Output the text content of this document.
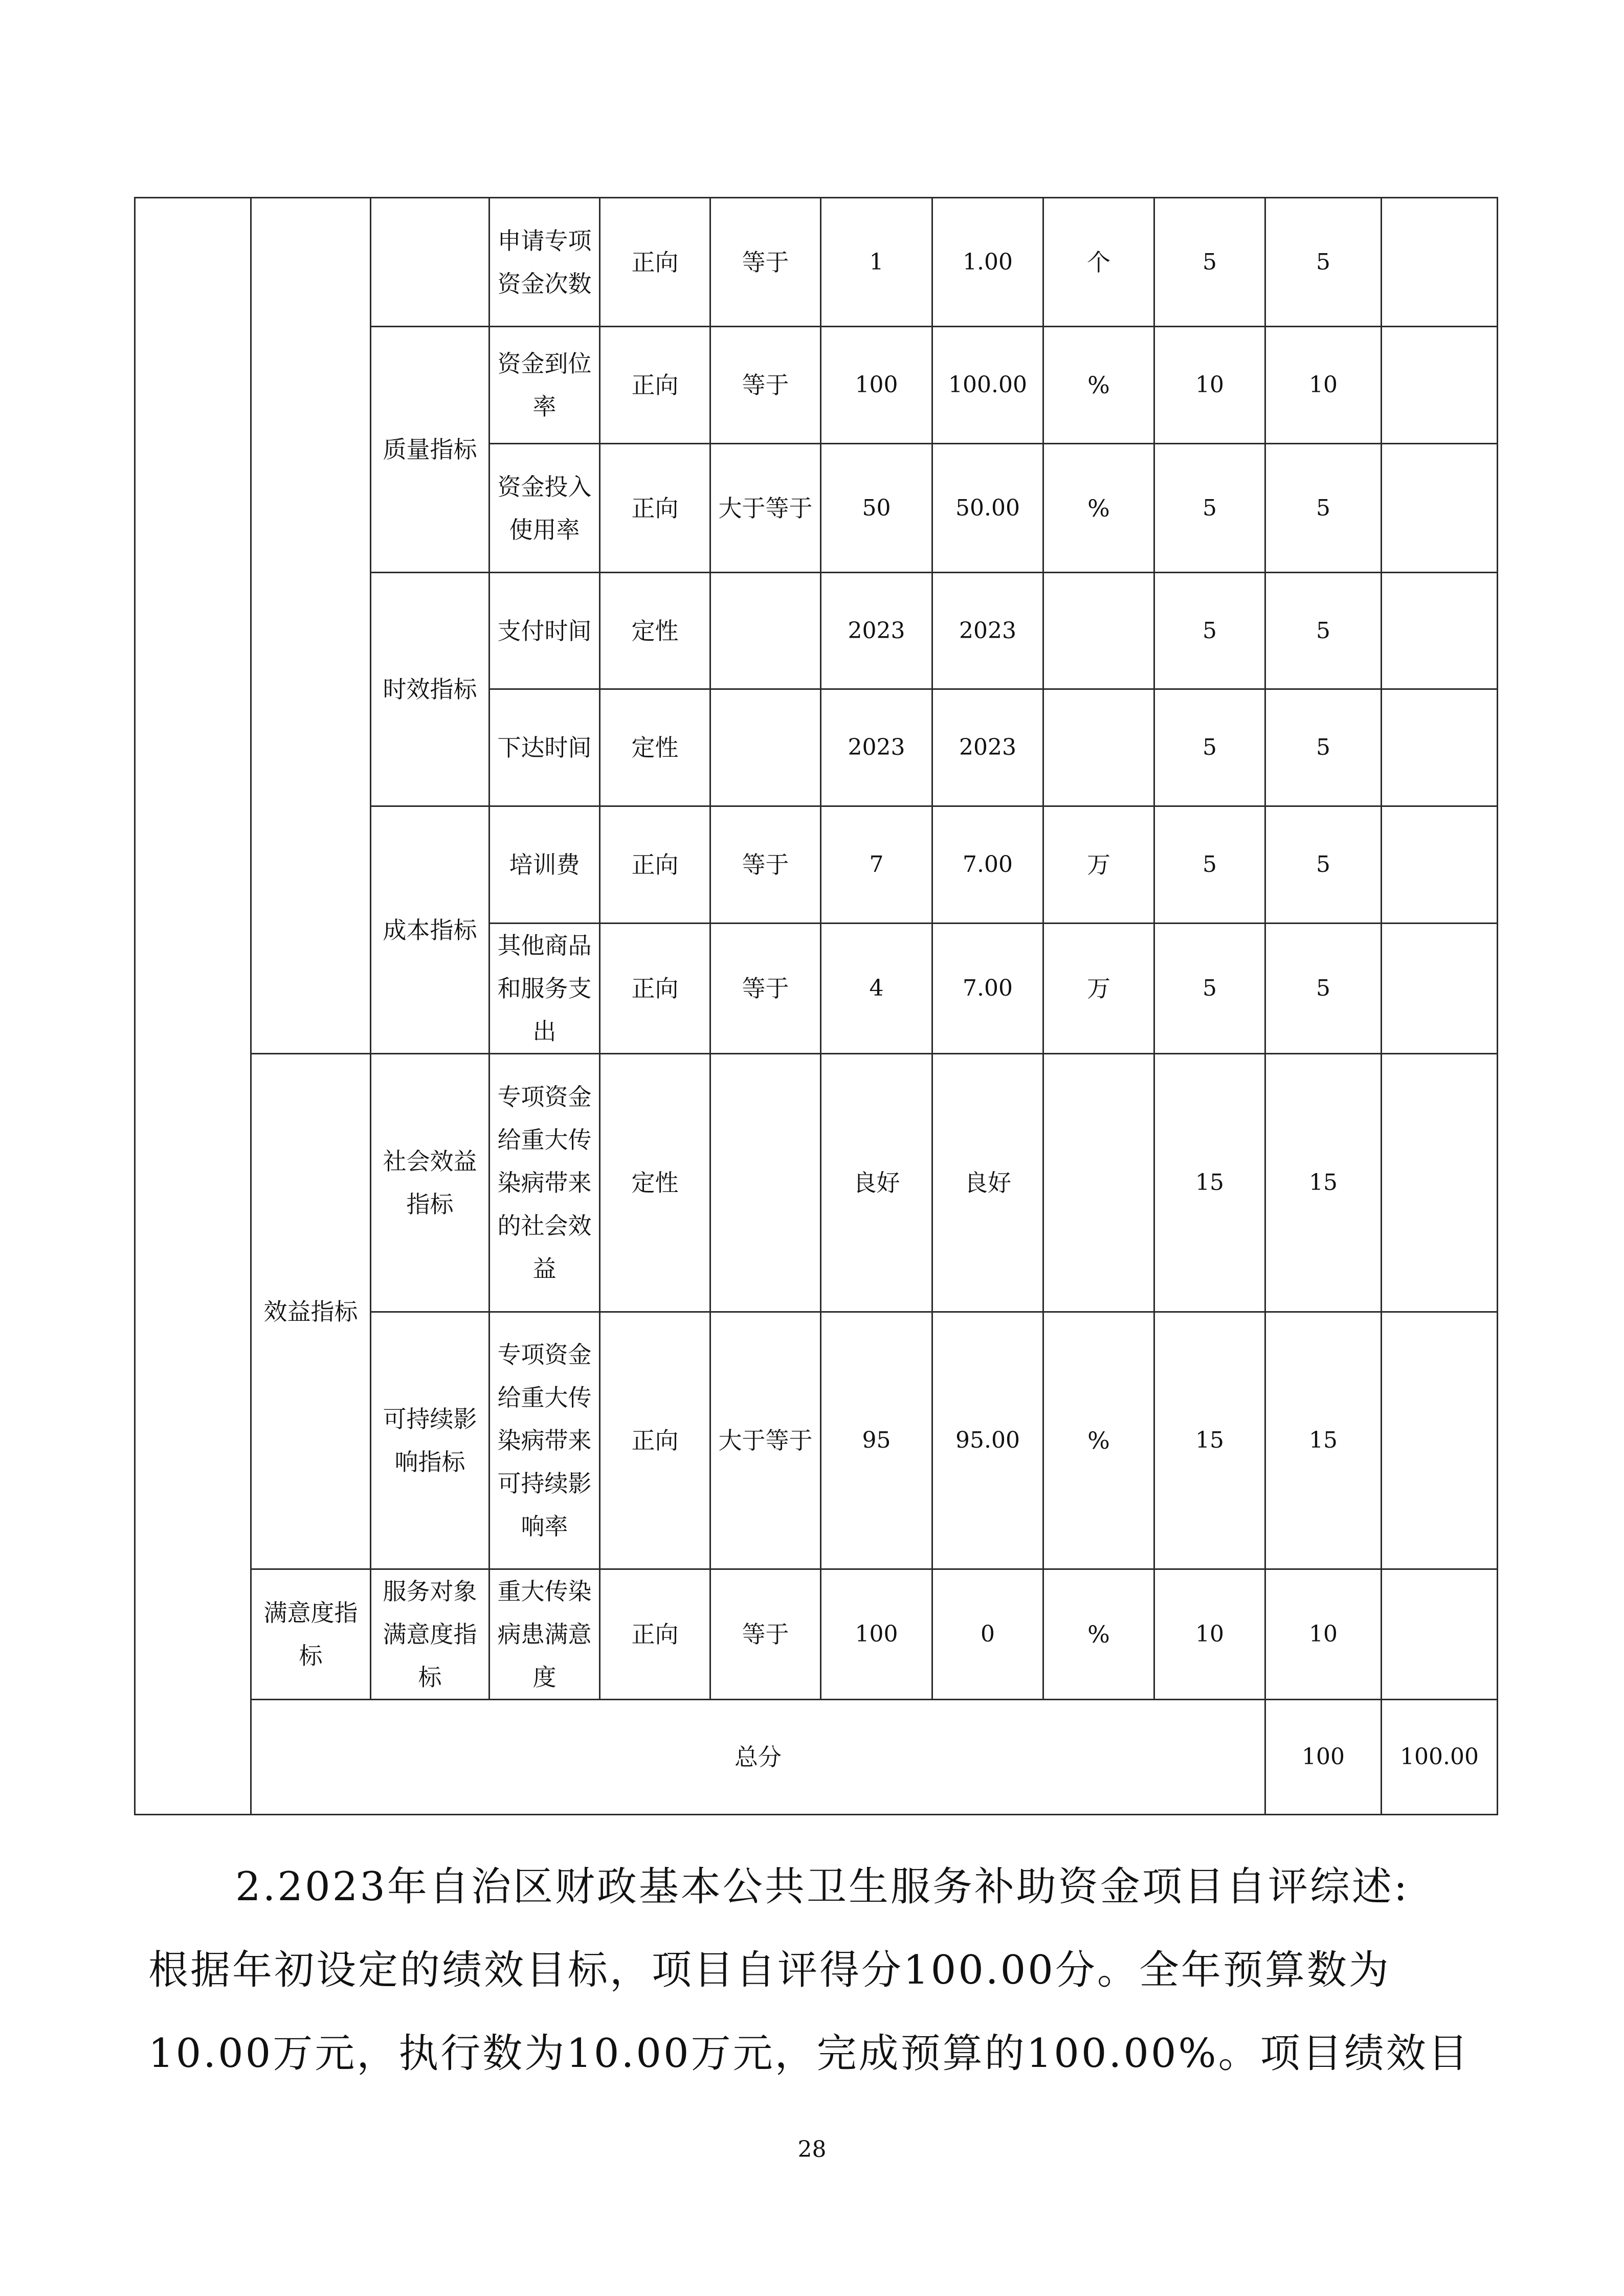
			申请专项资金次数	正向	等于	1	1.00	个	5	5		
		质量指标	资金到位率	正向	等于	100	100.00	%	10	10		
			资金投入使用率	正向	大于等于	50	50.00	%	5	5		
		时效指标	支付时间	定性		2023	2023		5	5		
			下达时间	定性		2023	2023		5	5		
		成本指标	培训费	正向	等于	7	7.00	万	5	5		
			其他商品和服务支出	正向	等于	4	7.00	万	5	5		
	效益指标	社会效益指标	专项资金给重大传染病带来的社会效益	定性		良好	良好		15	15		
		可持续影响指标	专项资金给重大传染病带来可持续影响率	正向	大于等于	95	95.00	%	15	15		
	满意度指标	服务对象满意度指标	重大传染病患满意度	正向	等于	100	0	%	10	10		
	总分									100	100.00	
2.2023年自治区财政基本公共卫生服务补助资金项目自评综述:
根据年初设定的绩效目标，项目自评得分100.00分。全年预算数为
10.00万元，执行数为10.00万元，完成预算的100.00%。项目绩效目
28
